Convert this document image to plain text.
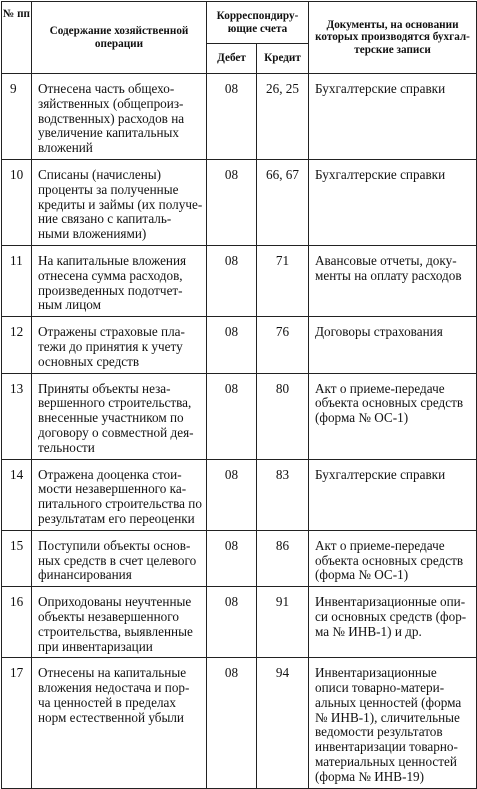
№ пп	Содержание хозяйственной операции	Корреспондиру- ющие счета		Документы, на основании которых производятся бухгал- терские записи
		Дебет	Кредит	

9	Отнесена часть общехо- зяйственных (общепроиз- водственных) расходов на увеличение капитальных вложений	08	26, 25	Бухгалтерские справки

10	Списаны (начислены) проценты за полученные кредиты и займы (их получе- ние связано с капиталь- ными вложениями)	08	66, 67	Бухгалтерские справки

11	На капитальные вложения отнесена сумма расходов, произведенных подотчет- ным лицом	08	71	Авансовые отчеты, доку- менты на оплату расходов

12	Отражены страховые пла- тежи до принятия к учету основных средств	08	76	Договоры страхования

13	Приняты объекты неза- вершенного строительства, внесенные участником по договору о совместной дея- тельности	08	80	Акт о приеме-передаче объекта основных средств (форма № ОС-1)

14	Отражена дооценка стои- мости незавершенного ка- питального строительства по результатам его переоценки	08	83	Бухгалтерские справки

15	Поступили объекты основ- ных средств в счет целевого финансирования	08	86	Акт о приеме-передаче объекта основных средств (форма № ОС-1)

16	Оприходованы неучтенные объекты незавершенного строительства, выявленные при инвентаризации	08	91	Инвентаризационные опи- си основных средств (фор- ма № ИНВ-1) и др.

17	Отнесены на капитальные вложения недостача и пор- ча ценностей в пределах норм естественной убыли	08	94	Инвентаризационные описи товарно-матери- альных ценностей (форма № ИНВ-1), сличительные ведомости результатов инвентаризации товарно- материальных ценностей (форма № ИНВ-19)
